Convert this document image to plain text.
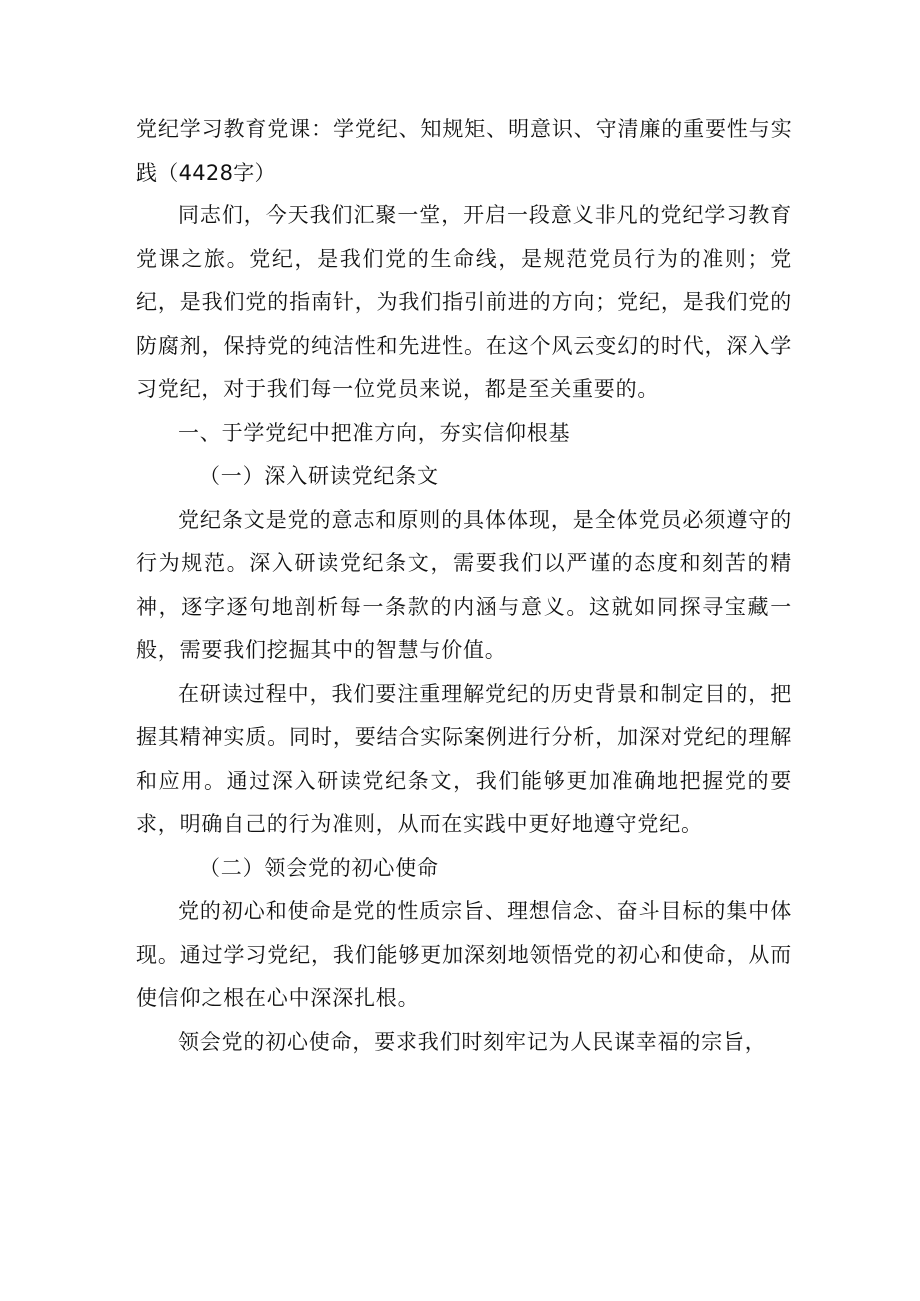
党纪学习教育党课：学党纪、知规矩、明意识、守清廉的重要性与实践（4428字）

同志们，今天我们汇聚一堂，开启一段意义非凡的党纪学习教育党课之旅。党纪，是我们党的生命线，是规范党员行为的准则；党纪，是我们党的指南针，为我们指引前进的方向；党纪，是我们党的防腐剂，保持党的纯洁性和先进性。在这个风云变幻的时代，深入学习党纪，对于我们每一位党员来说，都是至关重要的。

一、于学党纪中把准方向，夯实信仰根基
（一）深入研读党纪条文

党纪条文是党的意志和原则的具体体现，是全体党员必须遵守的行为规范。深入研读党纪条文，需要我们以严谨的态度和刻苦的精神，逐字逐句地剖析每一条款的内涵与意义。这就如同探寻宝藏一般，需要我们挖掘其中的智慧与价值。

在研读过程中，我们要注重理解党纪的历史背景和制定目的，把握其精神实质。同时，要结合实际案例进行分析，加深对党纪的理解和应用。通过深入研读党纪条文，我们能够更加准确地把握党的要求，明确自己的行为准则，从而在实践中更好地遵守党纪。

（二）领会党的初心使命

党的初心和使命是党的性质宗旨、理想信念、奋斗目标的集中体现。通过学习党纪，我们能够更加深刻地领悟党的初心和使命，从而使信仰之根在心中深深扎根。

领会党的初心使命，要求我们时刻牢记为人民谋幸福的宗旨，
